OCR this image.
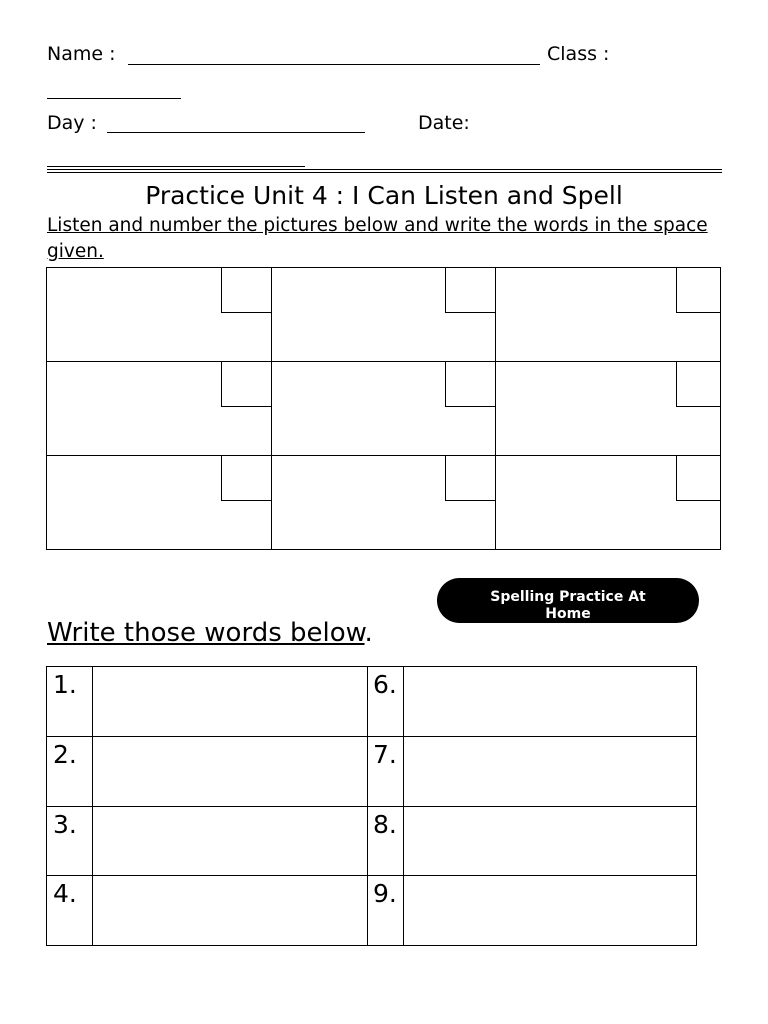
Name :	Class :
Day :	Date:
Practice Unit 4 : I Can Listen and Spell
Listen and number the pictures below and write the words in the space given.

Spelling Practice At Home
Write those words below.
1.		6.	
2.		7.	
3.		8.	
4.		9.	
